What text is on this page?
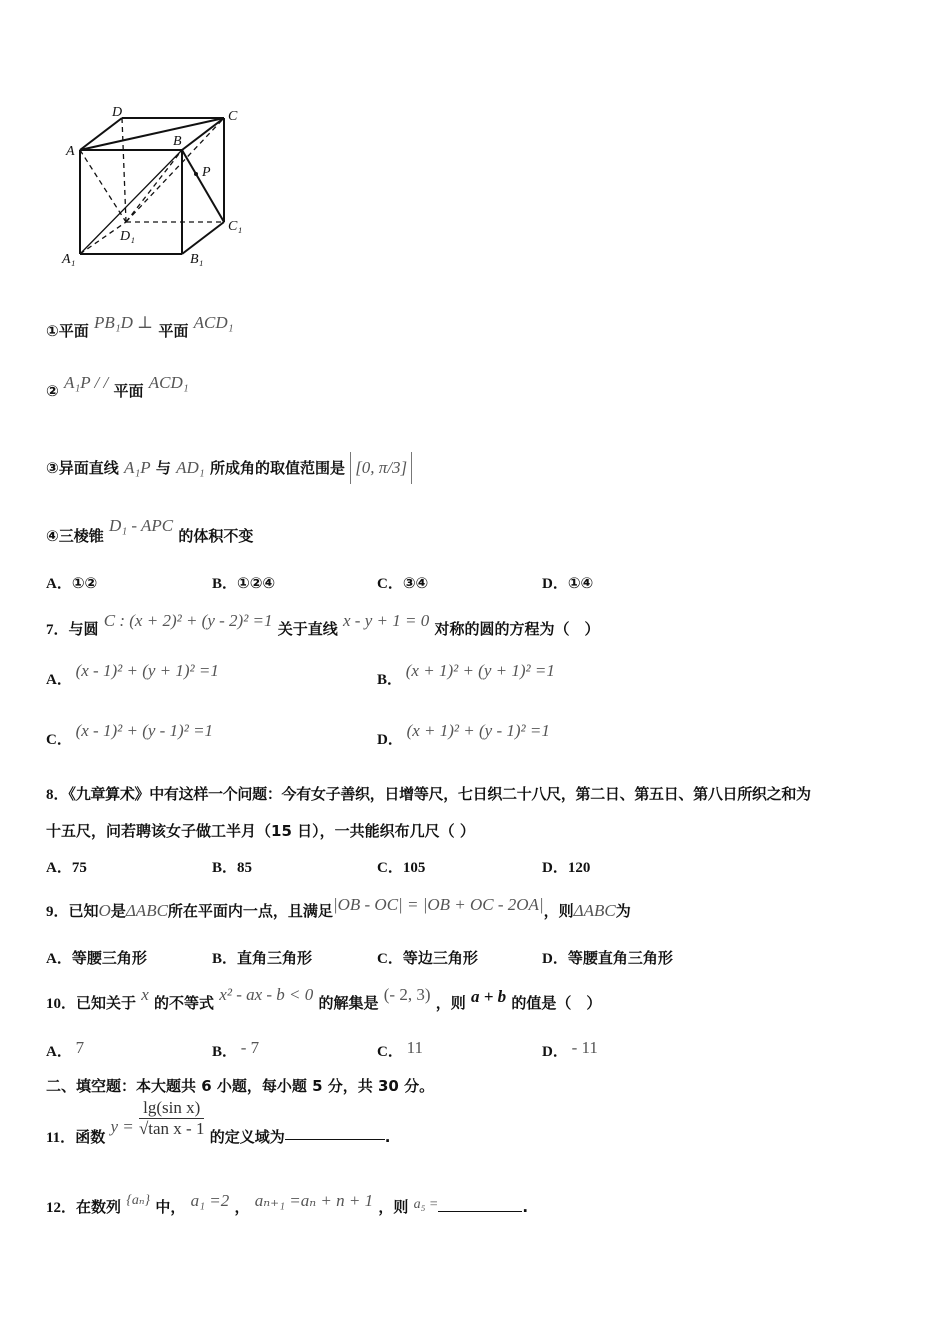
A
D	C
B
P
D₁
C₁
A₁	B₁
①平面 PB₁D ⊥ 平面 ACD₁
② A₁P / / 平面 ACD₁
③异面直线 A₁P 与 AD₁ 所成角的取值范围是 [0, π/3]
④三棱锥 D₁ - APC 的体积不变
A．①②	B．①②④	C．③④	D．①④
7．与圆 C : (x + 2)² + (y - 2)² =1 关于直线 x - y + 1 = 0 对称的圆的方程为（　）
A． (x - 1)² + (y + 1)² =1	B． (x + 1)² + (y + 1)² =1
C． (x - 1)² + (y - 1)² =1	D． (x + 1)² + (y - 1)² =1
8．《九章算术》中有这样一个问题：今有女子善织，日增等尺，七日织二十八尺，第二日、第五日、第八日所织之和为
十五尺，问若聘该女子做工半月（15 日），一共能织布几尺（ ）
A．75	B．85	C．105	D．120
9．已知O是ΔABC所在平面内一点，且满足|OB - OC| = |OB + OC - 2OA|，则ΔABC为
A．等腰三角形	B．直角三角形	C．等边三角形	D．等腰直角三角形
10．已知关于 x 的不等式 x² - ax - b < 0 的解集是 (- 2, 3) ，则 a + b 的值是（　）
A． 7	B． - 7	C． 11	D． - 11
二、填空题：本大题共 6 小题，每小题 5 分，共 30 分。
11．函数 $y = \frac{\text{lg(sin x)}}{\text{√tan x - 1}}$ 的定义域为	.
12．在数列 {aₙ} 中， a₁ =2 ， aₙ₊₁ =aₙ + n + 1 ，则 a₅ =	.
